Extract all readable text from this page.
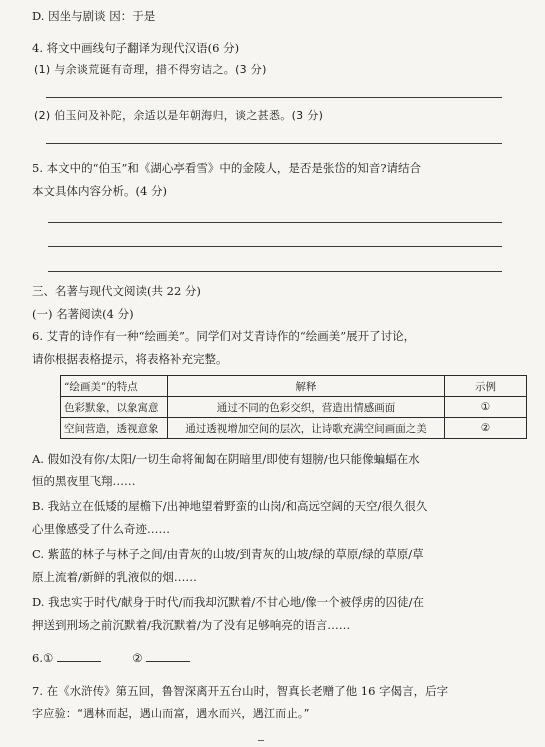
D. 因坐与剧谈 因：于是
4. 将文中画线句子翻译为现代汉语(6 分)
(1) 与余谈荒诞有奇理，措不得穷诘之。(3 分)
(2) 伯玉问及补陀，余适以是年朝海归，谈之甚悉。(3 分)
5. 本文中的“伯玉”和《湖心亭看雪》中的金陵人，是否是张岱的知音?请结合
本文具体内容分析。(4 分)
三、名著与现代文阅读(共 22 分)
(一) 名著阅读(4 分)
6. 艾青的诗作有一种“绘画美”。同学们对艾青诗作的“绘画美”展开了讨论，
请你根据表格提示，将表格补充完整。
“绘画美”的特点	解释	示例
色彩默象，以象寓意	通过不同的色彩交织，营造出情感画面	①
空间营造，透视意象	通过透视增加空间的层次，让诗歌充满空间画面之美	②
A. 假如没有你/太阳/一切生命将匍匐在阴暗里/即使有翅膀/也只能像蝙蝠在水
恒的黑夜里飞翔……
B. 我站立在低矮的屋檐下/出神地望着野蛮的山岗/和高远空阔的天空/很久很久
心里像感受了什么奇迹……
C. 紫蓝的林子与林子之间/由青灰的山坡/到青灰的山坡/绿的草原/绿的草原/草
原上流着/新鲜的乳液似的烟……
D. 我忠实于时代/献身于时代/而我却沉默着/不甘心地/像一个被俘虏的囚徒/在
押送到刑场之前沉默着/我沉默着/为了没有足够响亮的语言……
6.①	②
7. 在《水浒传》第五回，鲁智深离开五台山时，智真长老赠了他 16 字偈言，后字
字应验：“遇林而起，遇山而富，遇水而兴，遇江而止。”
